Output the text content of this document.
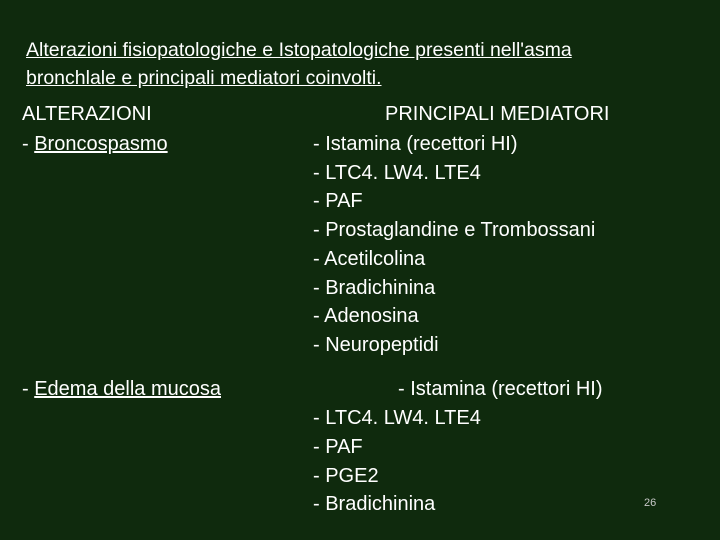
Alterazioni fisiopatologiche e Istopatologiche presenti nell'asma
bronchlale e principali mediatori coinvolti.
ALTERAZIONI	PRINCIPALI MEDIATORI
- Broncospasmo	- Istamina (recettori HI)
- LTC4. LW4. LTE4
- PAF
- Prostaglandine e Trombossani
- Acetilcolina
- Bradichinina
- Adenosina
- Neuropeptidi
- Edema della mucosa	- Istamina (recettori HI)
- LTC4. LW4. LTE4
- PAF
- PGE2
- Bradichinina	26
